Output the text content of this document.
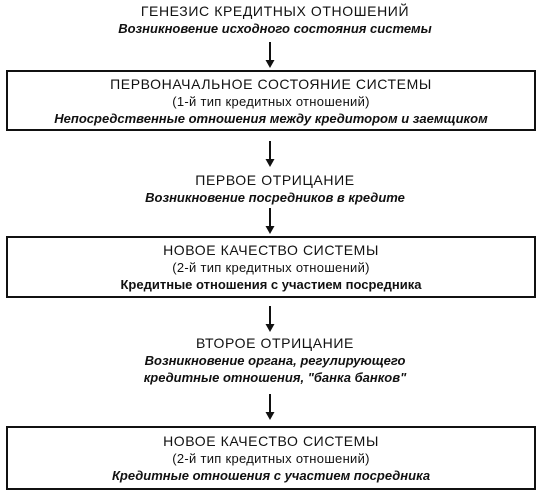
ГЕНЕЗИС КРЕДИТНЫХ ОТНОШЕНИЙ
Возникновение исходного состояния системы
ПЕРВОНАЧАЛЬНОЕ СОСТОЯНИЕ СИСТЕМЫ
(1-й тип кредитных отношений)
Непосредственные отношения между кредитором и заемщиком
ПЕРВОЕ ОТРИЦАНИЕ
Возникновение посредников в кредите
НОВОЕ КАЧЕСТВО СИСТЕМЫ
(2-й тип кредитных отношений)
Кредитные отношения с участием посредника
ВТОРОЕ ОТРИЦАНИЕ
Возникновение органа, регулирующего
кредитные отношения, "банка банков"
НОВОЕ КАЧЕСТВО СИСТЕМЫ
(2-й тип кредитных отношений)
Кредитные отношения с участием посредника
